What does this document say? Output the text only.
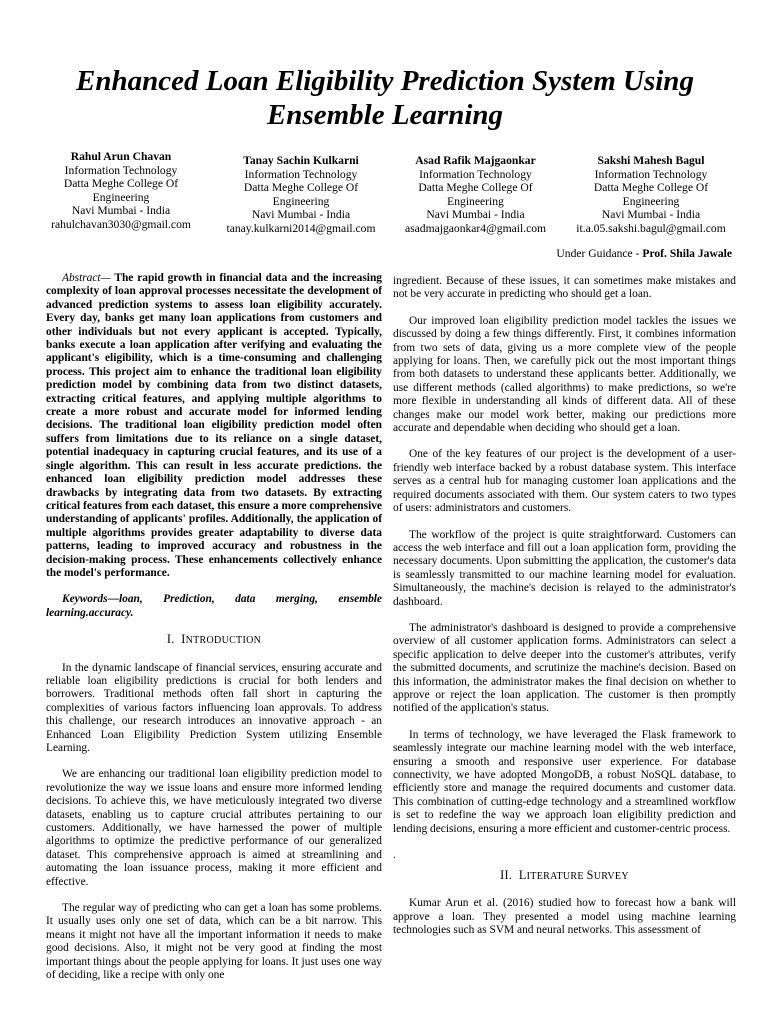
Enhanced Loan Eligibility Prediction System Using Ensemble Learning
Rahul Arun Chavan
Information Technology
Datta Meghe College Of
Engineering
Navi Mumbai - India
rahulchavan3030@gmail.com
Tanay Sachin Kulkarni
Information Technology
Datta Meghe College Of
Engineering
Navi Mumbai - India
tanay.kulkarni2014@gmail.com
Asad Rafik Majgaonkar
Information Technology
Datta Meghe College Of
Engineering
Navi Mumbai - India
asadmajgaonkar4@gmail.com
Sakshi Mahesh Bagul
Information Technology
Datta Meghe College Of
Engineering
Navi Mumbai - India
it.a.05.sakshi.bagul@gmail.com
Under Guidance - Prof. Shila Jawale

Abstract— The rapid growth in financial data and the increasing complexity of loan approval processes necessitate the development of advanced prediction systems to assess loan eligibility accurately. Every day, banks get many loan applications from customers and other individuals but not every applicant is accepted. Typically, banks execute a loan application after verifying and evaluating the applicant's eligibility, which is a time-consuming and challenging process. This project aim to enhance the traditional loan eligibility prediction model by combining data from two distinct datasets, extracting critical features, and applying multiple algorithms to create a more robust and accurate model for informed lending decisions. The traditional loan eligibility prediction model often suffers from limitations due to its reliance on a single dataset, potential inadequacy in capturing crucial features, and its use of a single algorithm. This can result in less accurate predictions. the enhanced loan eligibility prediction model addresses these drawbacks by integrating data from two datasets. By extracting critical features from each dataset, this ensure a more comprehensive understanding of applicants' profiles. Additionally, the application of multiple algorithms provides greater adaptability to diverse data patterns, leading to improved accuracy and robustness in the decision-making process. These enhancements collectively enhance the model's performance.

Keywords—loan, Prediction, data merging, ensemble learning.accuracy.

I. INTRODUCTION

In the dynamic landscape of financial services, ensuring accurate and reliable loan eligibility predictions is crucial for both lenders and borrowers. Traditional methods often fall short in capturing the complexities of various factors influencing loan approvals. To address this challenge, our research introduces an innovative approach - an Enhanced Loan Eligibility Prediction System utilizing Ensemble Learning.

We are enhancing our traditional loan eligibility prediction model to revolutionize the way we issue loans and ensure more informed lending decisions. To achieve this, we have meticulously integrated two diverse datasets, enabling us to capture crucial attributes pertaining to our customers. Additionally, we have harnessed the power of multiple algorithms to optimize the predictive performance of our generalized dataset. This comprehensive approach is aimed at streamlining and automating the loan issuance process, making it more efficient and effective.

The regular way of predicting who can get a loan has some problems. It usually uses only one set of data, which can be a bit narrow. This means it might not have all the important information it needs to make good decisions. Also, it might not be very good at finding the most important things about the people applying for loans. It just uses one way of deciding, like a recipe with only one

ingredient. Because of these issues, it can sometimes make mistakes and not be very accurate in predicting who should get a loan.

Our improved loan eligibility prediction model tackles the issues we discussed by doing a few things differently. First, it combines information from two sets of data, giving us a more complete view of the people applying for loans. Then, we carefully pick out the most important things from both datasets to understand these applicants better. Additionally, we use different methods (called algorithms) to make predictions, so we're more flexible in understanding all kinds of different data. All of these changes make our model work better, making our predictions more accurate and dependable when deciding who should get a loan.

One of the key features of our project is the development of a user-friendly web interface backed by a robust database system. This interface serves as a central hub for managing customer loan applications and the required documents associated with them. Our system caters to two types of users: administrators and customers.

The workflow of the project is quite straightforward. Customers can access the web interface and fill out a loan application form, providing the necessary documents. Upon submitting the application, the customer's data is seamlessly transmitted to our machine learning model for evaluation. Simultaneously, the machine's decision is relayed to the administrator's dashboard.

The administrator's dashboard is designed to provide a comprehensive overview of all customer application forms. Administrators can select a specific application to delve deeper into the customer's attributes, verify the submitted documents, and scrutinize the machine's decision. Based on this information, the administrator makes the final decision on whether to approve or reject the loan application. The customer is then promptly notified of the application's status.

In terms of technology, we have leveraged the Flask framework to seamlessly integrate our machine learning model with the web interface, ensuring a smooth and responsive user experience. For database connectivity, we have adopted MongoDB, a robust NoSQL database, to efficiently store and manage the required documents and customer data. This combination of cutting-edge technology and a streamlined workflow is set to redefine the way we approach loan eligibility prediction and lending decisions, ensuring a more efficient and customer-centric process.

.
II. LITERATURE SURVEY

Kumar Arun et al. (2016) studied how to forecast how a bank will approve a loan. They presented a model using machine learning technologies such as SVM and neural networks. This assessment of
